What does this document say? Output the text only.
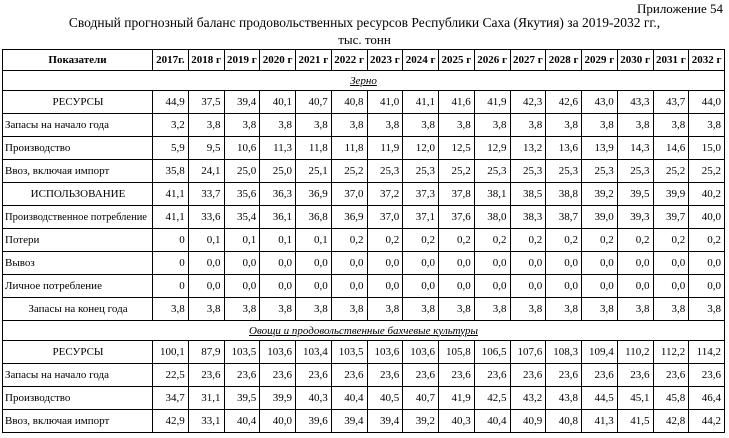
Приложение 54
Сводный прогнозный баланс продовольственных ресурсов Республики Саха (Якутия) за 2019-2032 гг.,
тыс. тонн
Показатели	2017г.	2018 г	2019 г	2020 г	2021 г	2022 г	2023 г	2024 г	2025 г	2026 г	2027 г	2028 г	2029 г	2030 г	2031 г	2032 г
Зерно																
РЕСУРСЫ	44,9	37,5	39,4	40,1	40,7	40,8	41,0	41,1	41,6	41,9	42,3	42,6	43,0	43,3	43,7	44,0
Запасы на начало года	3,2	3,8	3,8	3,8	3,8	3,8	3,8	3,8	3,8	3,8	3,8	3,8	3,8	3,8	3,8	3,8
Производство	5,9	9,5	10,6	11,3	11,8	11,8	11,9	12,0	12,5	12,9	13,2	13,6	13,9	14,3	14,6	15,0
Ввоз, включая импорт	35,8	24,1	25,0	25,0	25,1	25,2	25,3	25,3	25,2	25,3	25,3	25,3	25,3	25,3	25,2	25,2
ИСПОЛЬЗОВАНИЕ	41,1	33,7	35,6	36,3	36,9	37,0	37,2	37,3	37,8	38,1	38,5	38,8	39,2	39,5	39,9	40,2
Производственное потребление	41,1	33,6	35,4	36,1	36,8	36,9	37,0	37,1	37,6	38,0	38,3	38,7	39,0	39,3	39,7	40,0
Потери	0	0,1	0,1	0,1	0,1	0,2	0,2	0,2	0,2	0,2	0,2	0,2	0,2	0,2	0,2	0,2
Вывоз	0	0,0	0,0	0,0	0,0	0,0	0,0	0,0	0,0	0,0	0,0	0,0	0,0	0,0	0,0	0,0
Личное потребление	0	0,0	0,0	0,0	0,0	0,0	0,0	0,0	0,0	0,0	0,0	0,0	0,0	0,0	0,0	0,0
Запасы на конец года	3,8	3,8	3,8	3,8	3,8	3,8	3,8	3,8	3,8	3,8	3,8	3,8	3,8	3,8	3,8	3,8
Овощи и продовольственные бахчевые культуры																
РЕСУРСЫ	100,1	87,9	103,5	103,6	103,4	103,5	103,6	103,6	105,8	106,5	107,6	108,3	109,4	110,2	112,2	114,2
Запасы на начало года	22,5	23,6	23,6	23,6	23,6	23,6	23,6	23,6	23,6	23,6	23,6	23,6	23,6	23,6	23,6	23,6
Производство	34,7	31,1	39,5	39,9	40,3	40,4	40,5	40,7	41,9	42,5	43,2	43,8	44,5	45,1	45,8	46,4
Ввоз, включая импорт	42,9	33,1	40,4	40,0	39,6	39,4	39,4	39,2	40,3	40,4	40,9	40,8	41,3	41,5	42,8	44,2
